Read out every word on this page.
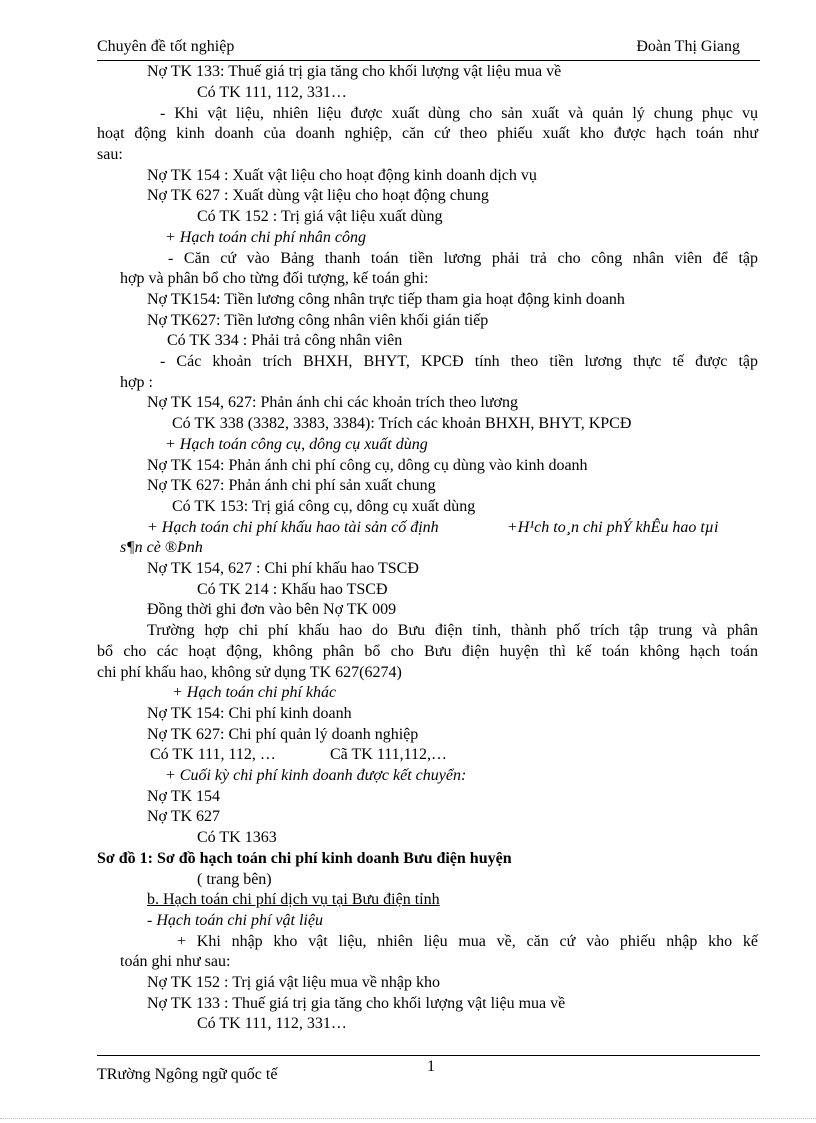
Chuyên đề tốt nghiệp	Đoàn Thị Giang
Nợ TK 133: Thuế giá trị gia tăng cho khối lượng vật liệu mua về
Có TK 111, 112, 331…
- Khi vật liệu, nhiên liệu được xuất dùng cho sản xuất và quản lý chung phục vụ
hoạt động kinh doanh của doanh nghiệp, căn cứ theo phiếu xuất kho được hạch toán như
sau:
Nợ TK 154 : Xuất vật liệu cho hoạt động kinh doanh dịch vụ
Nợ TK 627 : Xuất dùng vật liệu cho hoạt động chung
Có TK 152 : Trị giá vật liệu xuất dùng
+ Hạch toán chi phí nhân công
- Căn cứ vào Bảng thanh toán tiền lương phải trả cho công nhân viên để tập
hợp và phân bổ cho từng đối tượng, kế toán ghi:
Nợ TK154: Tiền lương công nhân trực tiếp tham gia hoạt động kinh doanh
Nợ TK627: Tiền lương công nhân viên khối gián tiếp
Có TK 334 : Phải trả công nhân viên
- Các khoản trích BHXH, BHYT, KPCĐ tính theo tiền lương thực tế được tập
hợp :
Nợ TK 154, 627: Phản ánh chi các khoản trích theo lương
Có TK 338 (3382, 3383, 3384): Trích các khoản BHXH, BHYT, KPCĐ
+ Hạch toán công cụ, dông cụ xuất dùng
Nợ TK 154: Phản ánh chi phí công cụ, dông cụ dùng vào kinh doanh
Nợ TK 627: Phản ánh chi phí sản xuất chung
Có TK 153: Trị giá công cụ, dông cụ xuất dùng
+ Hạch toán chi phí khấu hao tài sản cố định	+H¹ch to¸n chi phÝ khÊu hao tµi
s¶n cè ®Þnh
Nợ TK 154, 627 : Chi phí khấu hao TSCĐ
Có TK 214 : Khấu hao TSCĐ
Đồng thời ghi đơn vào bên Nợ TK 009
Trường hợp chi phí khấu hao do Bưu điện tỉnh, thành phố trích tập trung và phân
bổ cho các hoạt động, không phân bổ cho Bưu điện huyện thì kế toán không hạch toán
chi phí khấu hao, không sử dụng TK 627(6274)
+ Hạch toán chi phí khác
Nợ TK 154: Chi phí kinh doanh
Nợ TK 627: Chi phí quản lý doanh nghiệp
Có TK 111, 112, …	Cã TK 111,112,…
+ Cuối kỳ chi phí kinh doanh được kết chuyển:
Nợ TK 154
Nợ TK 627
Có TK 1363
Sơ đồ 1: Sơ đồ hạch toán chi phí kinh doanh Bưu điện huyện
( trang bên)
b. Hạch toán chi phí dịch vụ tại Bưu điện tỉnh
- Hạch toán chi phí vật liệu
+ Khi nhập kho vật liệu, nhiên liệu mua về, căn cứ vào phiếu nhập kho kế
toán ghi như sau:
Nợ TK 152 : Trị giá vật liệu mua về nhập kho
Nợ TK 133 : Thuế giá trị gia tăng cho khối lượng vật liệu mua về
Có TK 111, 112, 331…
1
TRường Ngông ngữ quốc tế
